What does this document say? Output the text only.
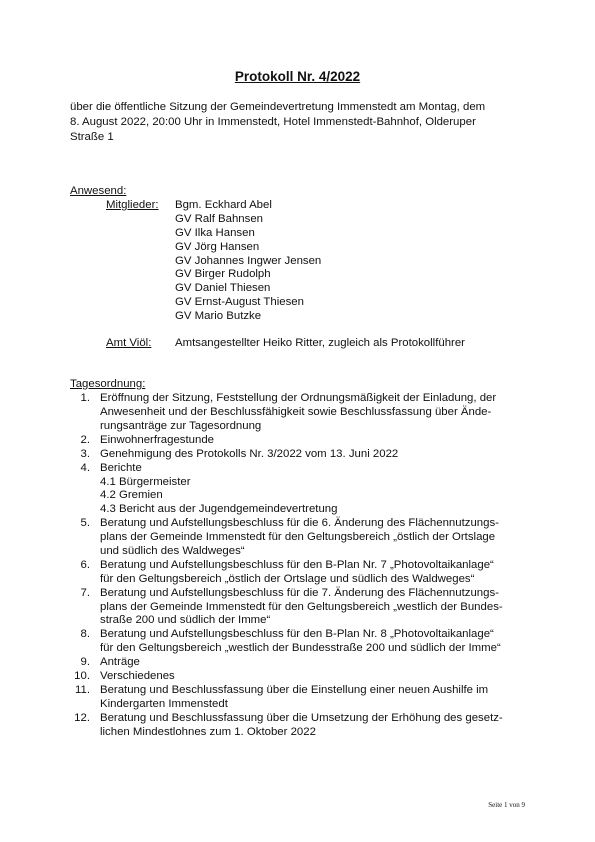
Protokoll Nr. 4/2022
über die öffentliche Sitzung der Gemeindevertretung Immenstedt am Montag, dem
8. August 2022, 20:00 Uhr in Immenstedt, Hotel Immenstedt-Bahnhof, Olderuper
Straße 1
Anwesend:
Mitglieder: Bgm. Eckhard Abel
GV Ralf Bahnsen
GV Ilka Hansen
GV Jörg Hansen
GV Johannes Ingwer Jensen
GV Birger Rudolph
GV Daniel Thiesen
GV Ernst-August Thiesen
GV Mario Butzke
Amt Viöl: Amtsangestellter Heiko Ritter, zugleich als Protokollführer
Tagesordnung:
1. Eröffnung der Sitzung, Feststellung der Ordnungsmäßigkeit der Einladung, der
Anwesenheit und der Beschlussfähigkeit sowie Beschlussfassung über Ände-
rungsanträge zur Tagesordnung
2. Einwohnerfragestunde
3. Genehmigung des Protokolls Nr. 3/2022 vom 13. Juni 2022
4. Berichte
4.1 Bürgermeister
4.2 Gremien
4.3 Bericht aus der Jugendgemeindevertretung
5. Beratung und Aufstellungsbeschluss für die 6. Änderung des Flächennutzungs-
plans der Gemeinde Immenstedt für den Geltungsbereich „östlich der Ortslage
und südlich des Waldweges“
6. Beratung und Aufstellungsbeschluss für den B-Plan Nr. 7 „Photovoltaikanlage“
für den Geltungsbereich „östlich der Ortslage und südlich des Waldweges“
7. Beratung und Aufstellungsbeschluss für die 7. Änderung des Flächennutzungs-
plans der Gemeinde Immenstedt für den Geltungsbereich „westlich der Bundes-
straße 200 und südlich der Imme“
8. Beratung und Aufstellungsbeschluss für den B-Plan Nr. 8 „Photovoltaikanlage“
für den Geltungsbereich „westlich der Bundesstraße 200 und südlich der Imme“
9. Anträge
10. Verschiedenes
11. Beratung und Beschlussfassung über die Einstellung einer neuen Aushilfe im
Kindergarten Immenstedt
12. Beratung und Beschlussfassung über die Umsetzung der Erhöhung des gesetz-
lichen Mindestlohnes zum 1. Oktober 2022
Seite 1 von 9
